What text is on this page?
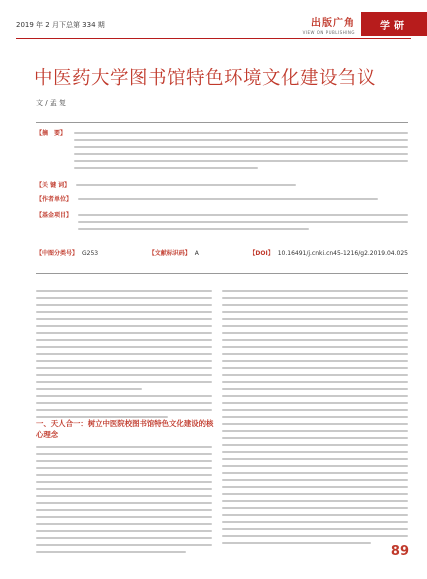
2019 年 2 月下总第 334 期	出版广角
VIEW ON PUBLISHING
学研
中医药大学图书馆特色环境文化建设刍议
文 / 孟 复
【摘　要】
【关 键 词】
【作者单位】
【基金项目】
【中图分类号】 G253	【文献标识码】 A	【DOI】 10.16491/j.cnki.cn45-1216/g2.2019.04.025
一、天人合一：树立中医院校图书馆特色文化建设的核心理念
89
